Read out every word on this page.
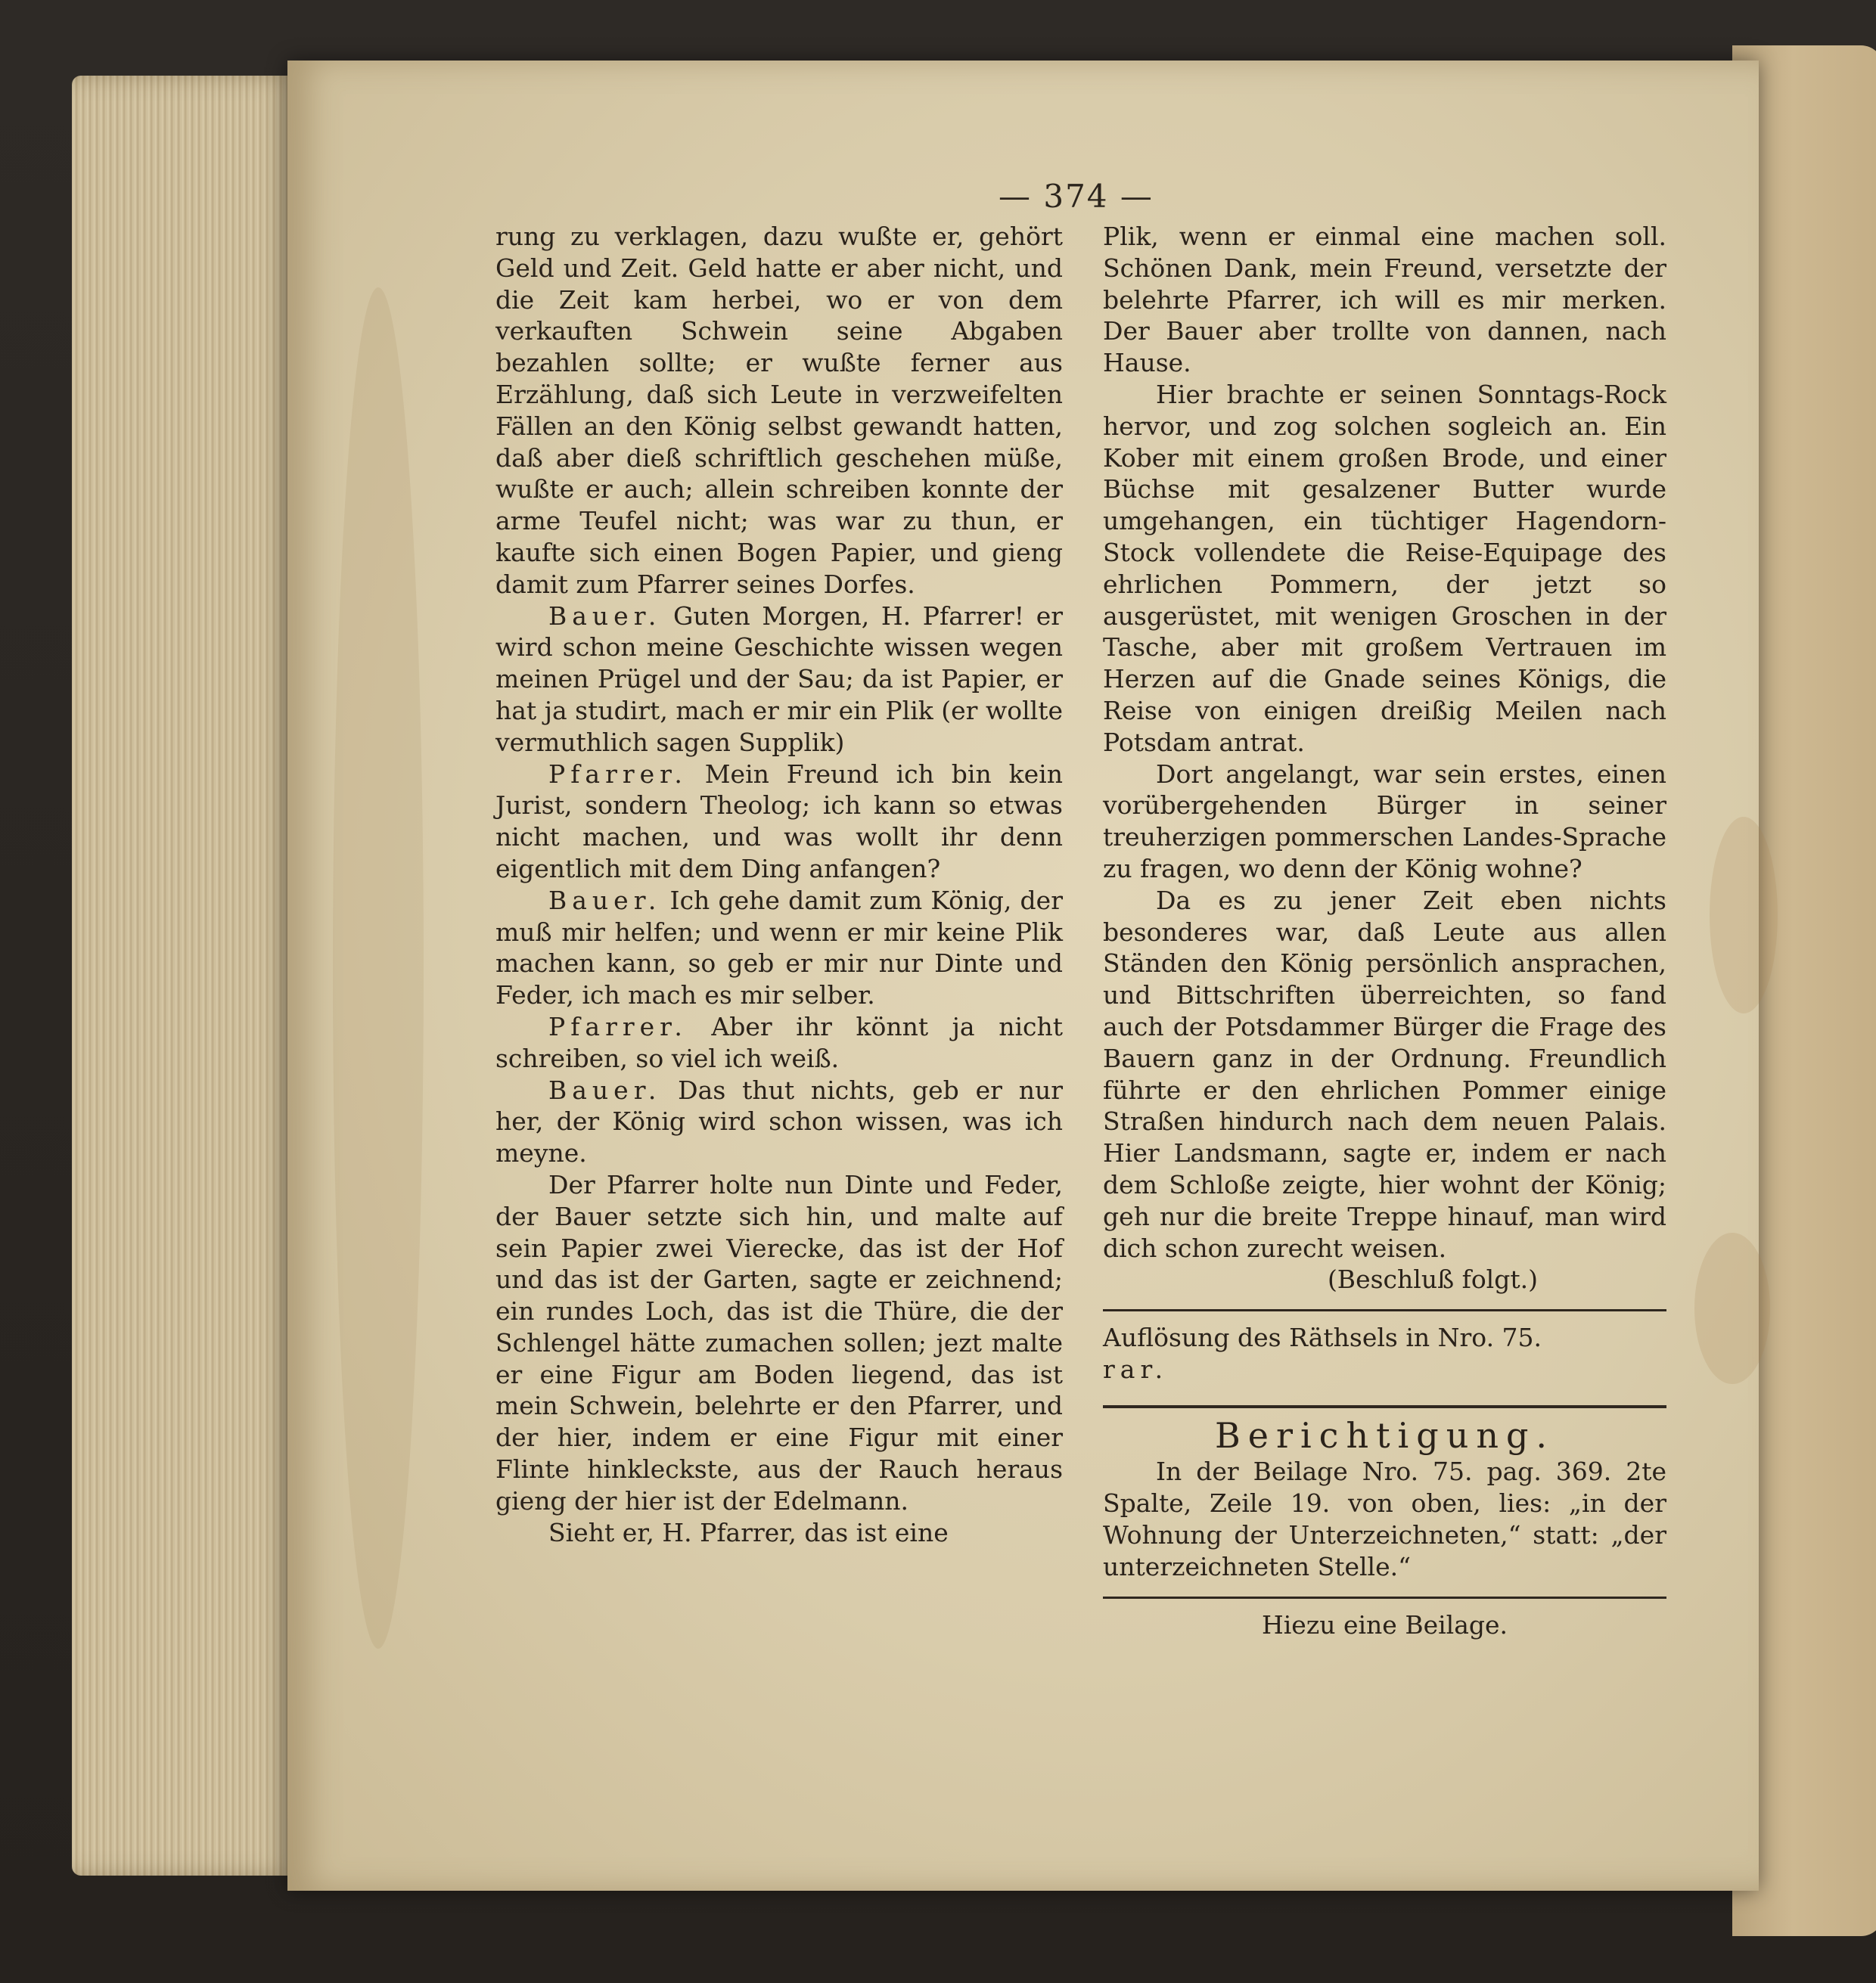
— 374 —

rung zu verklagen, dazu wußte er, gehört Geld und Zeit. Geld hatte er aber nicht, und die Zeit kam herbei, wo er von dem verkauften Schwein seine Abgaben bezahlen sollte; er wußte ferner aus Erzählung, daß sich Leute in verzweifelten Fällen an den König selbst gewandt hatten, daß aber dieß schriftlich geschehen müße, wußte er auch; allein schreiben konnte der arme Teufel nicht; was war zu thun, er kaufte sich einen Bogen Papier, und gieng damit zum Pfarrer seines Dorfes.

Bauer. Guten Morgen, H. Pfarrer! er wird schon meine Geschichte wissen wegen meinen Prügel und der Sau; da ist Papier, er hat ja studirt, mach er mir ein Plik (er wollte vermuthlich sagen Supplik)

Pfarrer. Mein Freund ich bin kein Jurist, sondern Theolog; ich kann so etwas nicht machen, und was wollt ihr denn eigentlich mit dem Ding anfangen?

Bauer. Ich gehe damit zum König, der muß mir helfen; und wenn er mir keine Plik machen kann, so geb er mir nur Dinte und Feder, ich mach es mir selber.

Pfarrer. Aber ihr könnt ja nicht schreiben, so viel ich weiß.

Bauer. Das thut nichts, geb er nur her, der König wird schon wissen, was ich meyne.

Der Pfarrer holte nun Dinte und Feder, der Bauer setzte sich hin, und malte auf sein Papier zwei Vierecke, das ist der Hof und das ist der Garten, sagte er zeichnend; ein rundes Loch, das ist die Thüre, die der Schlengel hätte zumachen sollen; jezt malte er eine Figur am Boden liegend, das ist mein Schwein, belehrte er den Pfarrer, und der hier, indem er eine Figur mit einer Flinte hinkleckste, aus der Rauch heraus gieng der hier ist der Edelmann.

Sieht er, H. Pfarrer, das ist eine

Plik, wenn er einmal eine machen soll. Schönen Dank, mein Freund, versetzte der belehrte Pfarrer, ich will es mir merken. Der Bauer aber trollte von dannen, nach Hause.

Hier brachte er seinen Sonntags-Rock hervor, und zog solchen sogleich an. Ein Kober mit einem großen Brode, und einer Büchse mit gesalzener Butter wurde umgehangen, ein tüchtiger Hagendorn-Stock vollendete die Reise-Equipage des ehrlichen Pommern, der jetzt so ausgerüstet, mit wenigen Groschen in der Tasche, aber mit großem Vertrauen im Herzen auf die Gnade seines Königs, die Reise von einigen dreißig Meilen nach Potsdam antrat.

Dort angelangt, war sein erstes, einen vorübergehenden Bürger in seiner treuherzigen pommerschen Landes-Sprache zu fragen, wo denn der König wohne?

Da es zu jener Zeit eben nichts besonderes war, daß Leute aus allen Ständen den König persönlich ansprachen, und Bittschriften überreichten, so fand auch der Potsdammer Bürger die Frage des Bauern ganz in der Ordnung. Freundlich führte er den ehrlichen Pommer einige Straßen hindurch nach dem neuen Palais. Hier Landsmann, sagte er, indem er nach dem Schloße zeigte, hier wohnt der König; geh nur die breite Treppe hinauf, man wird dich schon zurecht weisen.

(Beschluß folgt.)

Auflösung des Räthsels in Nro. 75.

rar.

Berichtigung.

In der Beilage Nro. 75. pag. 369. 2te Spalte, Zeile 19. von oben, lies: „in der Wohnung der Unterzeichneten,“ statt: „der unterzeichneten Stelle.“

Hiezu eine Beilage.
